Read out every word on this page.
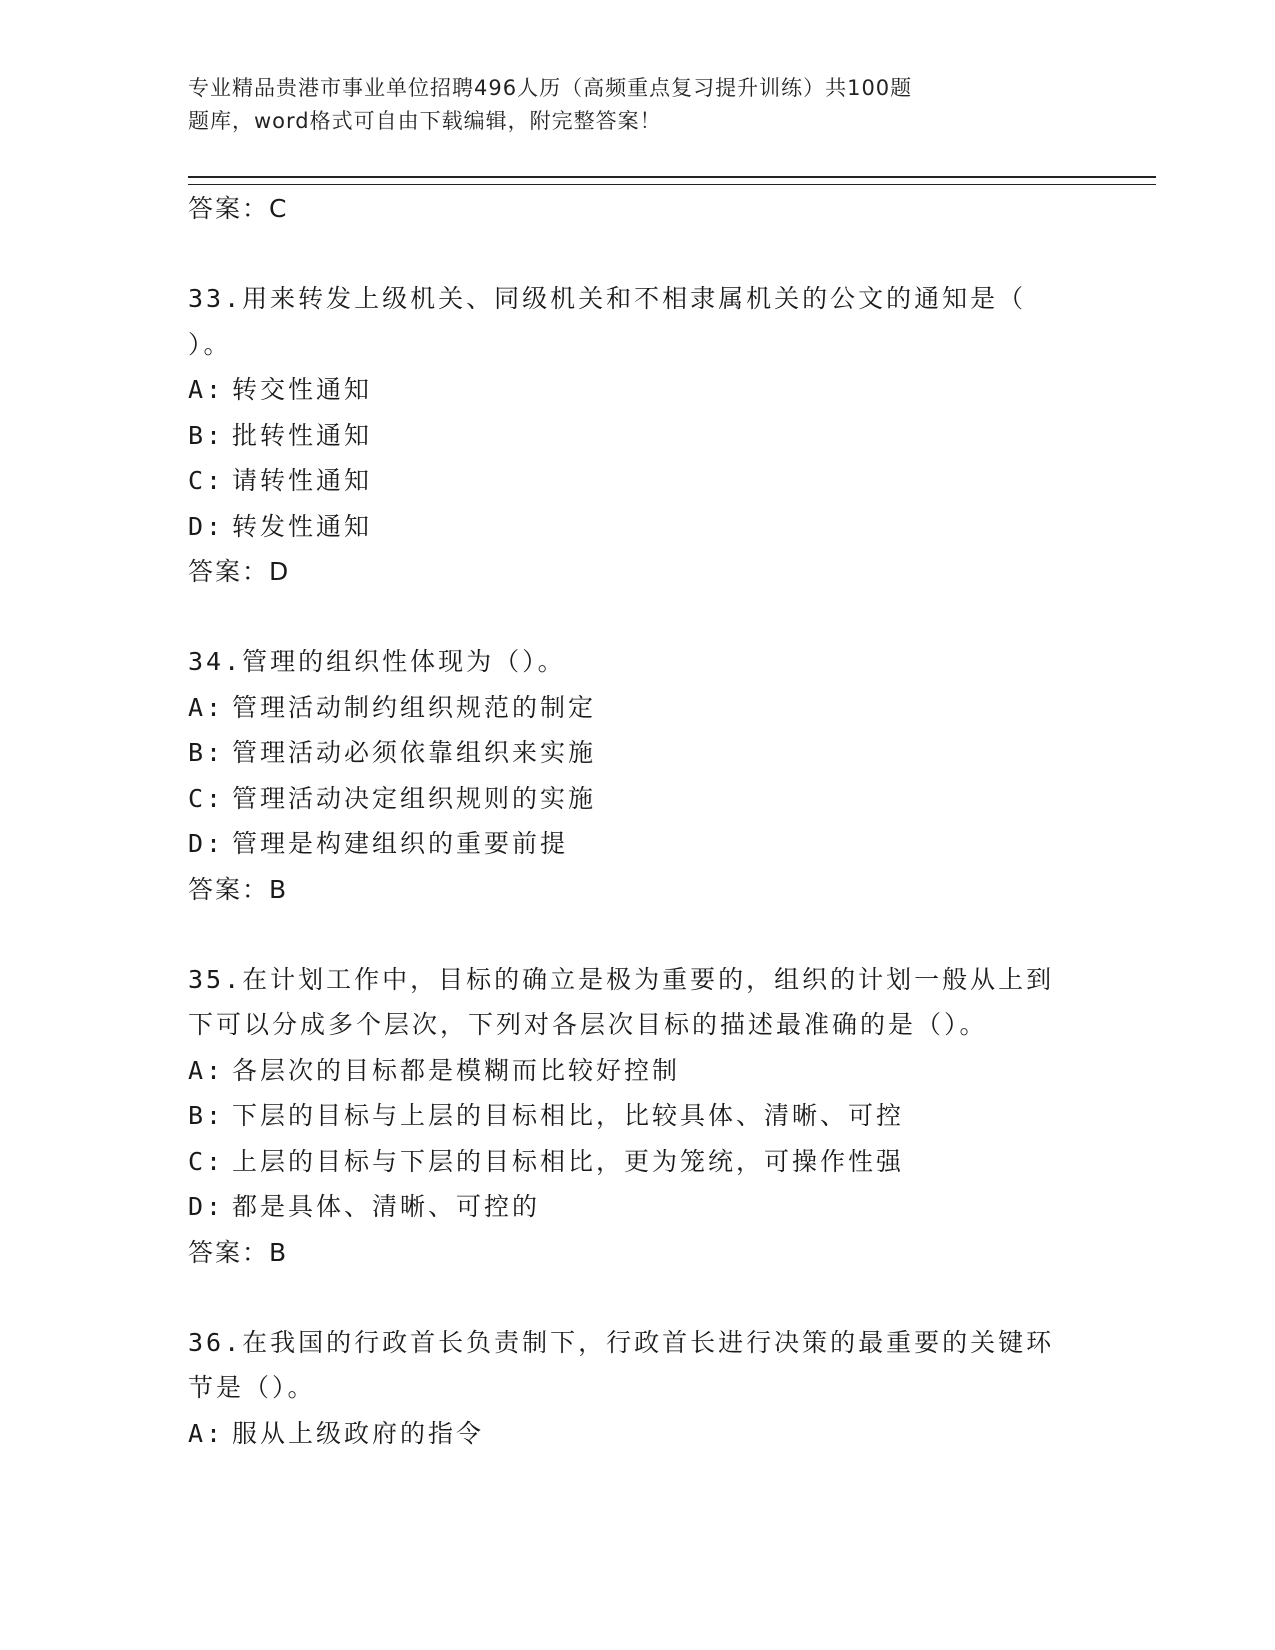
专业精品贵港市事业单位招聘496人历（高频重点复习提升训练）共100题
题库，word格式可自由下载编辑，附完整答案！
答案：C
33.用来转发上级机关、同级机关和不相隶属机关的公文的通知是（
）。
A: 转交性通知
B: 批转性通知
C: 请转性通知
D: 转发性通知
答案：D
34.管理的组织性体现为（）。
A: 管理活动制约组织规范的制定
B: 管理活动必须依靠组织来实施
C: 管理活动决定组织规则的实施
D: 管理是构建组织的重要前提
答案：B
35.在计划工作中，目标的确立是极为重要的，组织的计划一般从上到
下可以分成多个层次，下列对各层次目标的描述最准确的是（）。
A: 各层次的目标都是模糊而比较好控制
B: 下层的目标与上层的目标相比，比较具体、清晰、可控
C: 上层的目标与下层的目标相比，更为笼统，可操作性强
D: 都是具体、清晰、可控的
答案：B
36.在我国的行政首长负责制下，行政首长进行决策的最重要的关键环
节是（）。
A: 服从上级政府的指令
